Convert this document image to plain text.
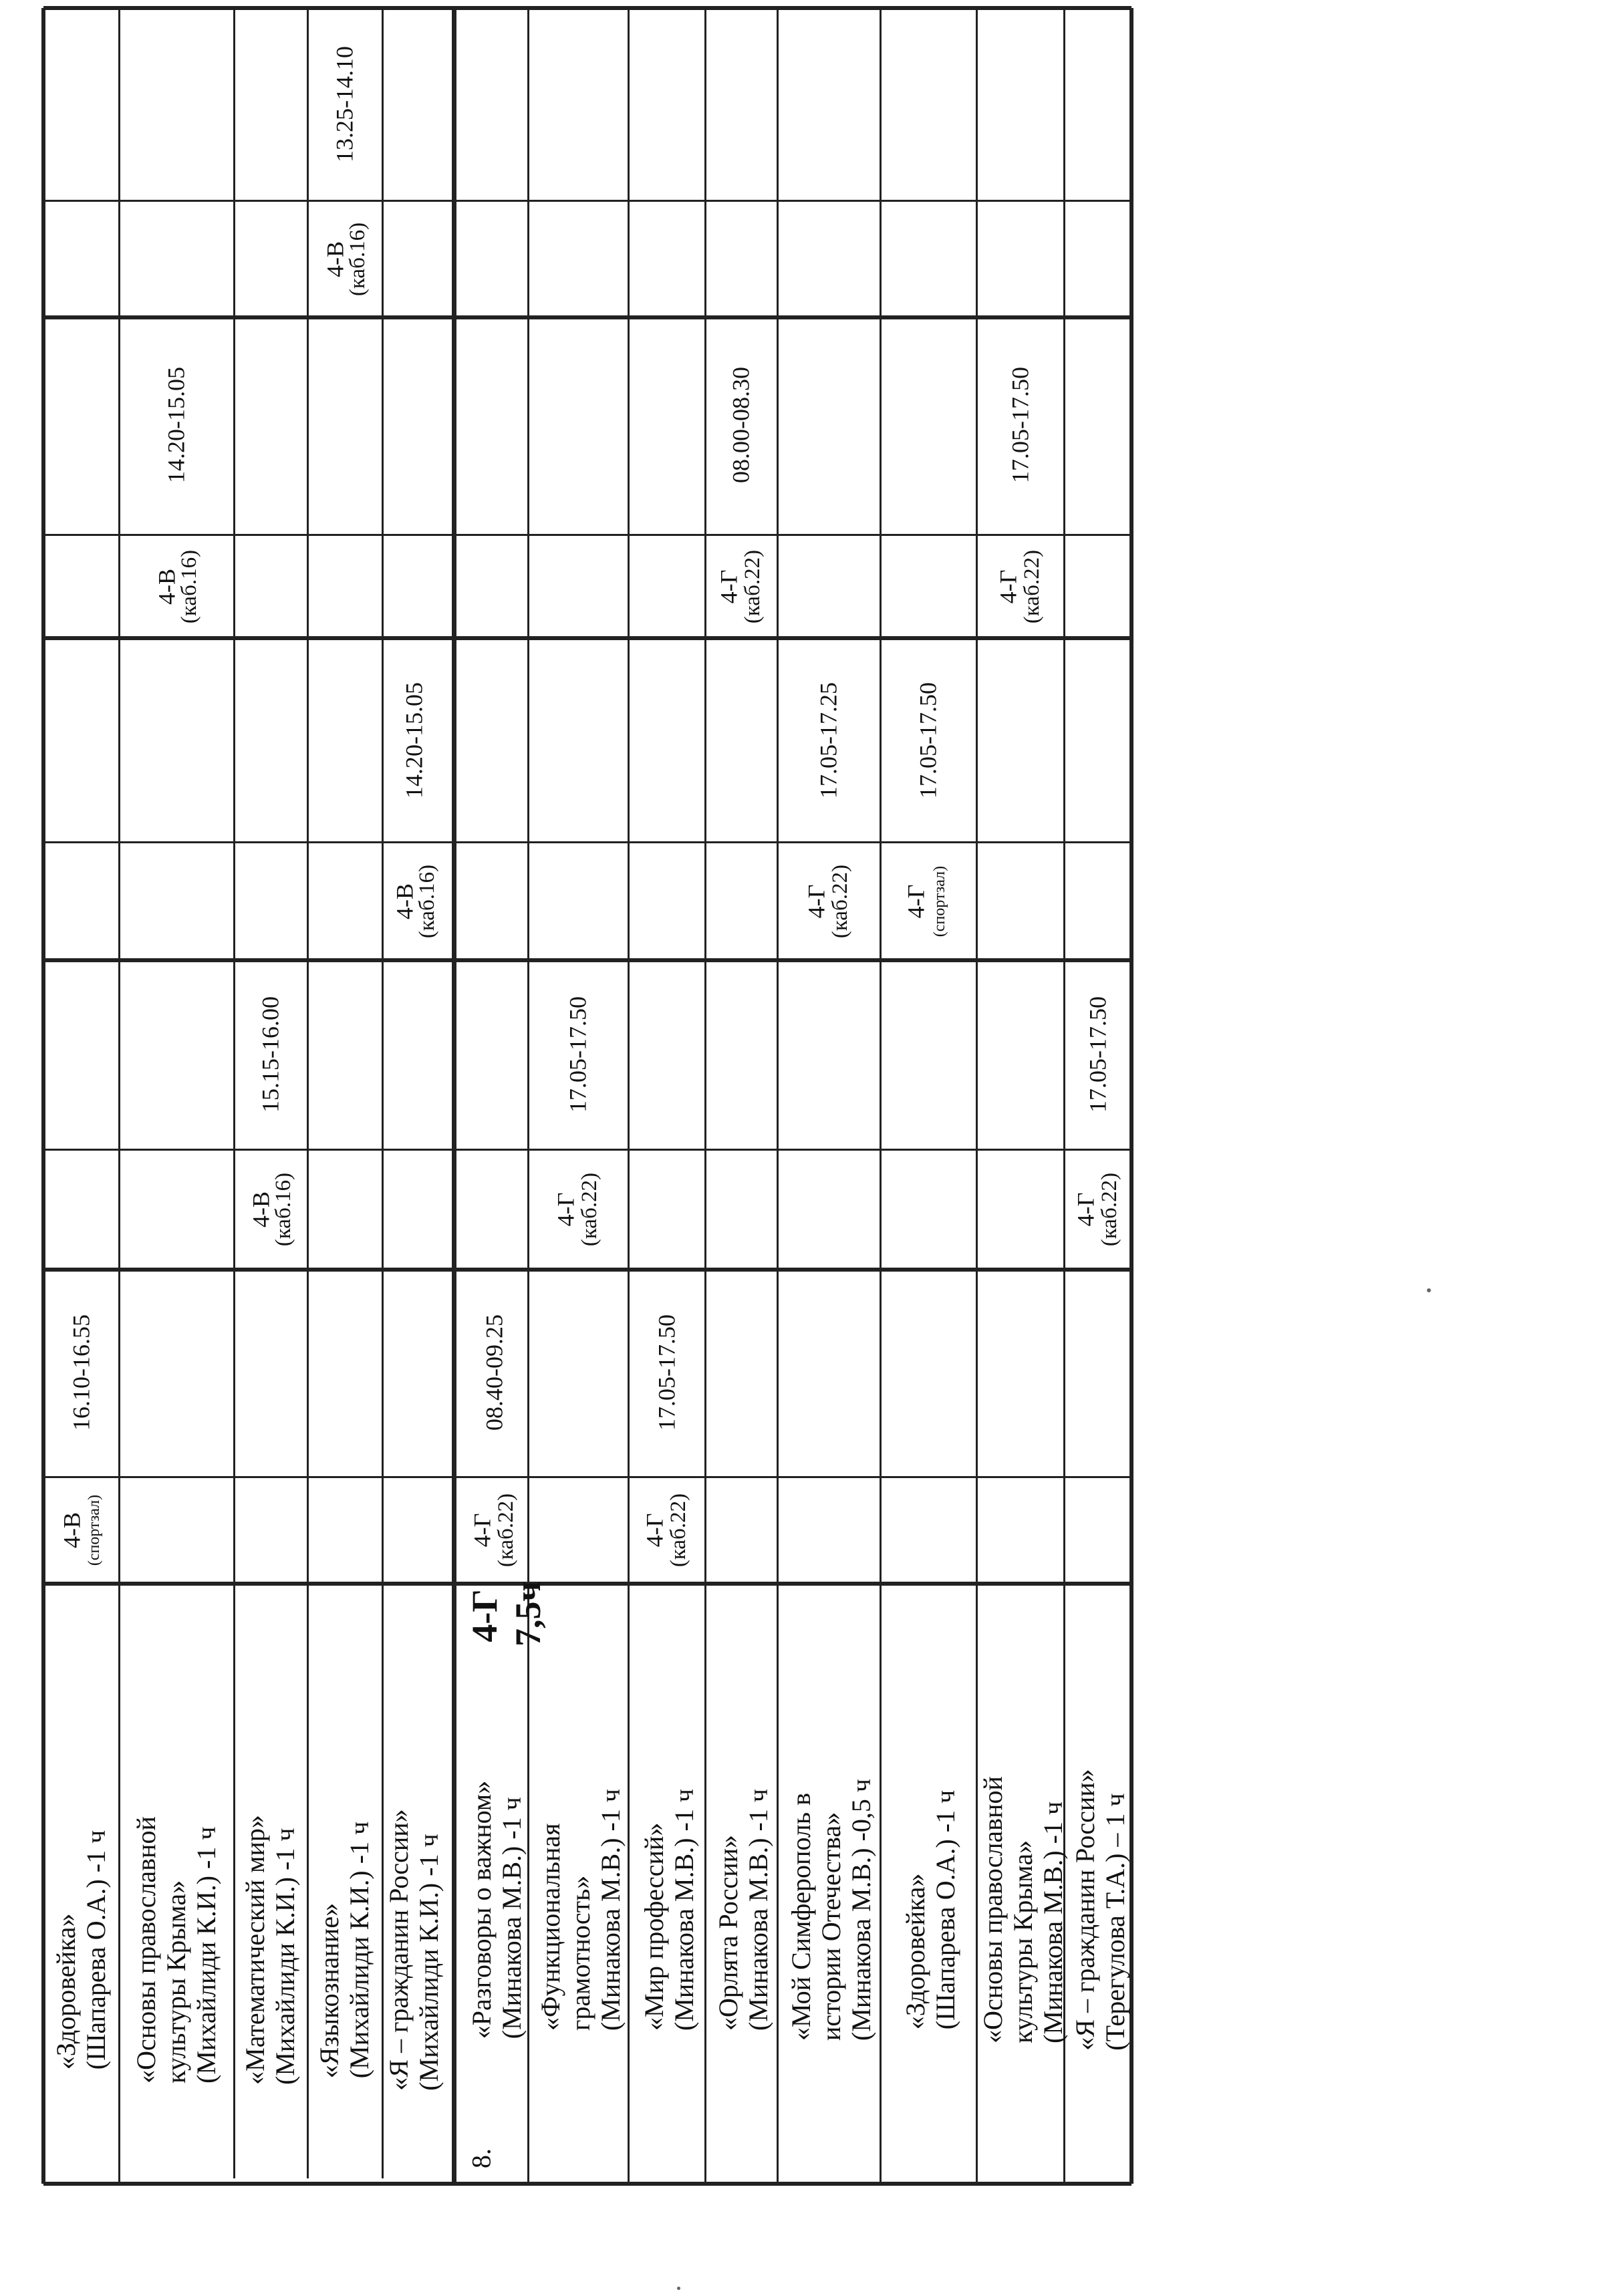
«Здоровейка» (Шапарева О.А.) -1 ч
4-В (спортзал)
16.10-16.55
«Основы православной культуры Крыма» (Михайлиди К.И.) -1 ч
4-В
(каб.16)
14.20-15.05
«Математический мир» (Михайлиди К.И.) -1 ч
4-В
(каб.16)
15.15-16.00
«Языкознание» (Михайлиди К.И.) -1 ч
4-В
(каб.16)
13.25-14.10
«Я – гражданин России» (Михайлиди К.И.) -1 ч
4-В
(каб.16)
14.20-15.05
8.
4-Г 7,5ч
«Разговоры о важном» (Минакова М.В.) -1 ч
4-Г
(каб.22)
08.40-09.25
«Функциональная грамотность» (Минакова М.В.) -1 ч
4-Г
(каб.22)
17.05-17.50
«Мир профессий» (Минакова М.В.) -1 ч
4-Г
(каб.22)
17.05-17.50
«Орлята России» (Минакова М.В.) -1 ч
4-Г
(каб.22)
08.00-08.30
«Мой Симферополь в истории Отечества» (Минакова М.В.) -0,5 ч
4-Г
(каб.22)
17.05-17.25
«Здоровейка» (Шапарева О.А.) -1 ч
4-Г (спортзал)
17.05-17.50
«Основы православной культуры Крыма» (Минакова М.В.) -1 ч
4-Г
(каб.22)
17.05-17.50
«Я – гражданин России» (Терегулова Т.А.) – 1 ч
4-Г
(каб.22)
17.05-17.50
